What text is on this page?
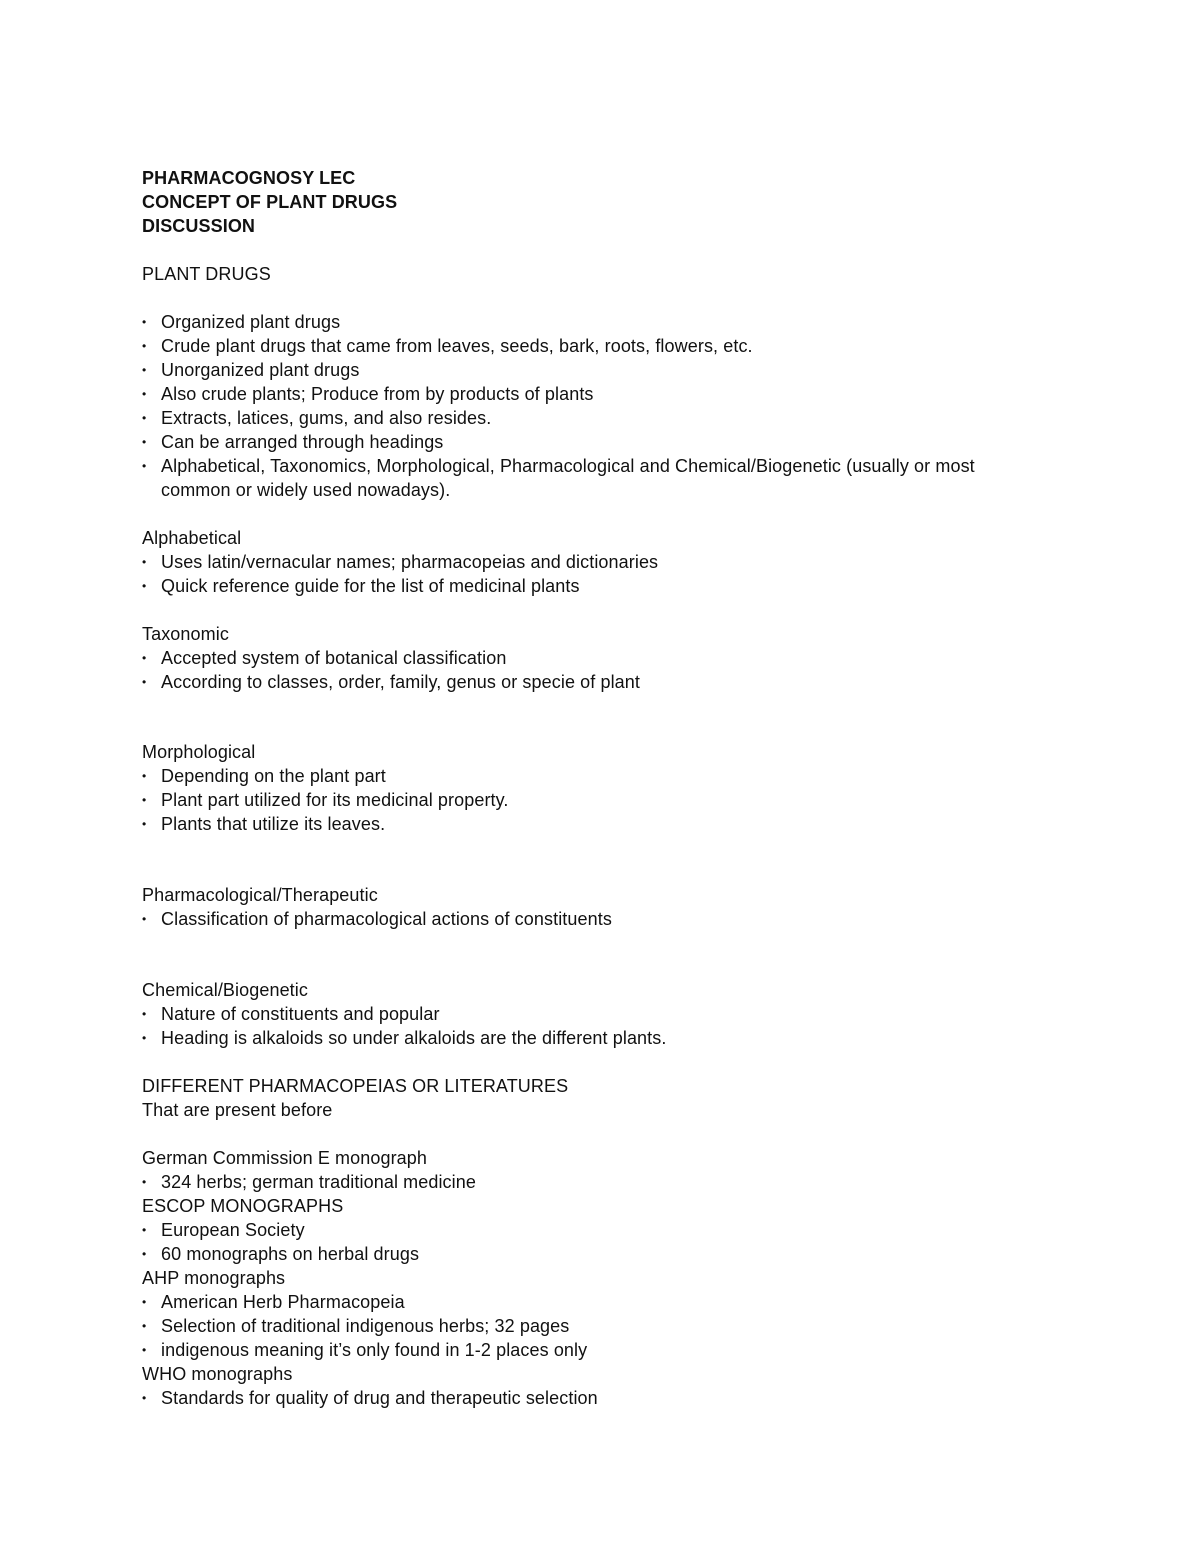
PHARMACOGNOSY LEC

CONCEPT OF PLANT DRUGS

DISCUSSION

PLANT DRUGS

• Organized plant drugs
• Crude plant drugs that came from leaves, seeds, bark, roots, flowers, etc.
• Unorganized plant drugs
• Also crude plants; Produce from by products of plants
• Extracts, latices, gums, and also resides.
• Can be arranged through headings
• Alphabetical, Taxonomics, Morphological, Pharmacological and Chemical/Biogenetic (usually or most common or widely used nowadays).

Alphabetical

• Uses latin/vernacular names; pharmacopeias and dictionaries
• Quick reference guide for the list of medicinal plants

Taxonomic

• Accepted system of botanical classification
• According to classes, order, family, genus or specie of plant

Morphological

• Depending on the plant part
• Plant part utilized for its medicinal property.
• Plants that utilize its leaves.

Pharmacological/Therapeutic

• Classification of pharmacological actions of constituents

Chemical/Biogenetic

• Nature of constituents and popular
• Heading is alkaloids so under alkaloids are the different plants.

DIFFERENT PHARMACOPEIAS OR LITERATURES

That are present before

German Commission E monograph

• 324 herbs; german traditional medicine

ESCOP MONOGRAPHS

• European Society
• 60 monographs on herbal drugs

AHP monographs

• American Herb Pharmacopeia
• Selection of traditional indigenous herbs; 32 pages
• indigenous meaning it’s only found in 1-2 places only

WHO monographs

• Standards for quality of drug and therapeutic selection
